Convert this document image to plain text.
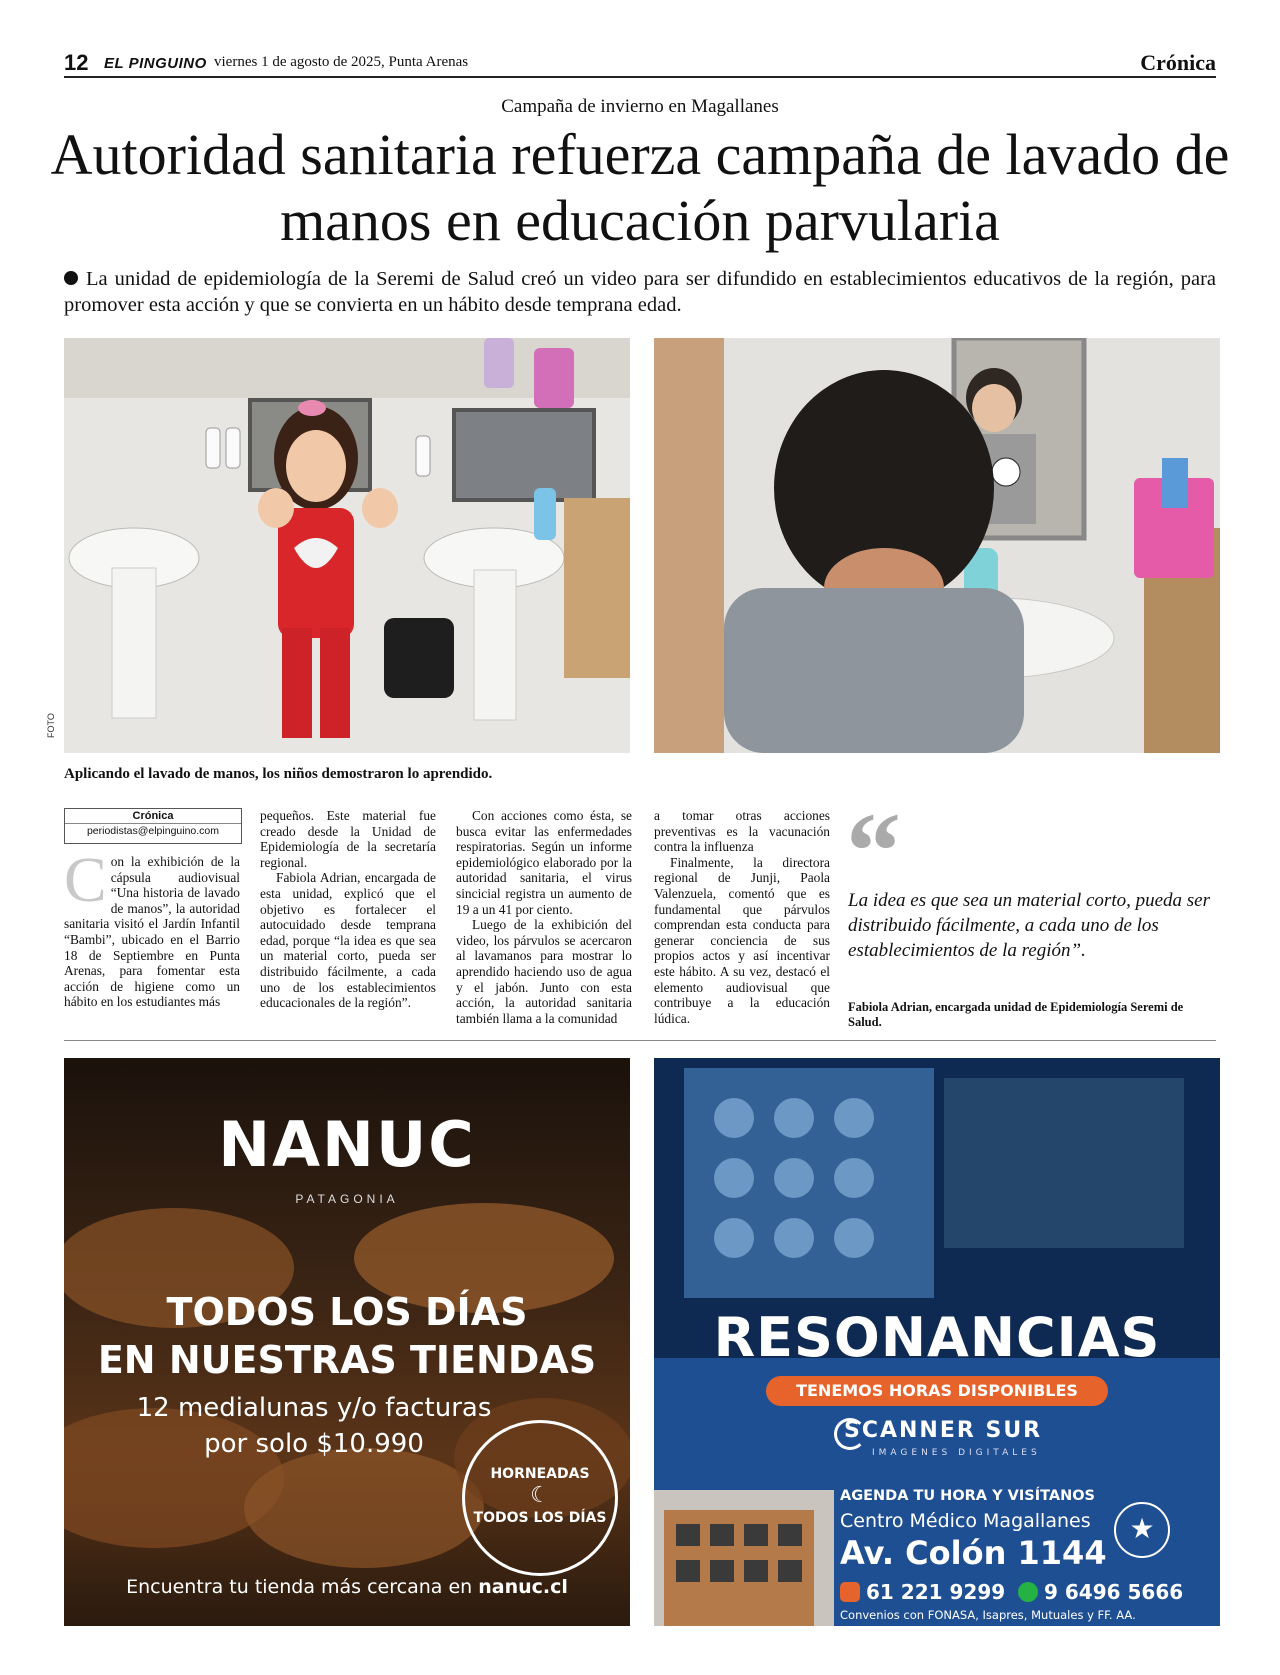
12 EL PINGUINO viernes 1 de agosto de 2025, Punta Arenas	Crónica
Campaña de invierno en Magallanes
Autoridad sanitaria refuerza campaña de lavado de manos en educación parvularia
La unidad de epidemiología de la Seremi de Salud creó un video para ser difundido en establecimientos educativos de la región, para promover esta acción y que se convierta en un hábito desde temprana edad.
FOTO
Aplicando el lavado de manos, los niños demostraron lo aprendido.
Crónica
periodistas@elpinguino.com
C on la exhibición de la cápsula audiovisual “Una historia de lavado de manos”, la autoridad sanitaria visitó el Jardín Infantil “Bambi”, ubicado en el Barrio 18 de Septiembre en Punta Arenas, para fomentar esta acción de higiene como un hábito en los estudiantes más

pequeños. Este material fue creado desde la Unidad de Epidemiología de la secretaría regional.

Fabiola Adrian, encargada de esta unidad, explicó que el objetivo es fortalecer el autocuidado desde temprana edad, porque “la idea es que sea un material corto, pueda ser distribuido fácilmente, a cada uno de los establecimientos educacionales de la región”.

Con acciones como ésta, se busca evitar las enfermedades respiratorias. Según un informe epidemiológico elaborado por la autoridad sanitaria, el virus sincicial registra un aumento de 19 a un 41 por ciento.

Luego de la exhibición del video, los párvulos se acercaron al lavamanos para mostrar lo aprendido haciendo uso de agua y el jabón. Junto con esta acción, la autoridad sanitaria también llama a la comunidad

a tomar otras acciones preventivas es la vacunación contra la influenza

Finalmente, la directora regional de Junji, Paola Valenzuela, comentó que es fundamental que párvulos comprendan esta conducta para generar conciencia de sus propios actos y así incentivar este hábito. A su vez, destacó el elemento audiovisual que contribuye a la educación lúdica.

“
La idea es que sea un material corto, pueda ser distribuido fácilmente, a cada uno de los establecimientos de la región”.
Fabiola Adrian, encargada unidad de Epidemiología Seremi de Salud.
NANUC
PATAGONIA
TODOS LOS DÍAS
EN NUESTRAS TIENDAS
12 medialunas y/o facturas
por solo $10.990
HORNEADAS
☾
TODOS LOS DÍAS
Encuentra tu tienda más cercana en nanuc.cl
RESONANCIAS
TENEMOS HORAS DISPONIBLES
SCANNER SUR
IMAGENES DIGITALES
AGENDA TU HORA Y VISÍTANOS
Centro Médico Magallanes
Av. Colón 1144
★
61 221 9299	9 6496 5666
Convenios con FONASA, Isapres, Mutuales y FF. AA.
